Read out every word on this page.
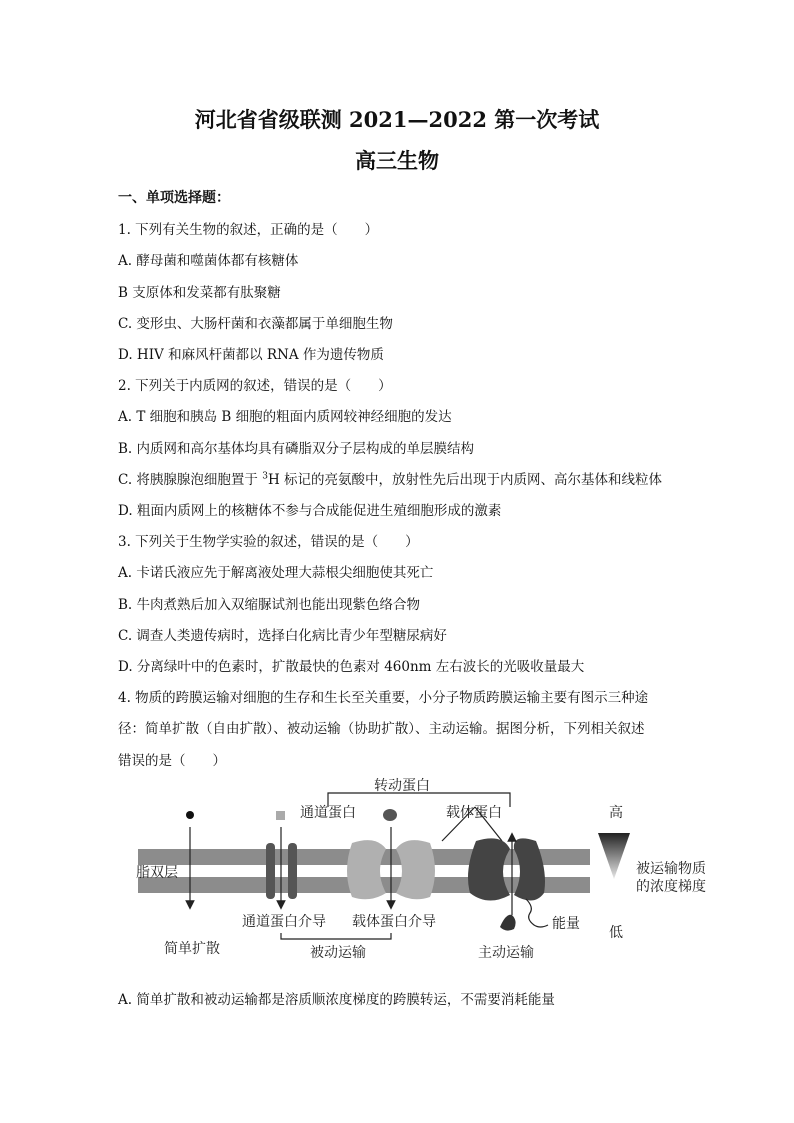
河北省省级联测 2021—2022 第一次考试
高三生物
一、单项选择题：
1. 下列有关生物的叙述，正确的是（　　）
A. 酵母菌和噬菌体都有核糖体
B 支原体和发菜都有肽聚糖
C. 变形虫、大肠杆菌和衣藻都属于单细胞生物
D. HIV 和麻风杆菌都以 RNA 作为遗传物质
2. 下列关于内质网的叙述，错误的是（　　）
A. T 细胞和胰岛 B 细胞的粗面内质网较神经细胞的发达
B. 内质网和高尔基体均具有磷脂双分子层构成的单层膜结构
C. 将胰腺腺泡细胞置于 $^3$H 标记的亮氨酸中，放射性先后出现于内质网、高尔基体和线粒体
D. 粗面内质网上的核糖体不参与合成能促进生殖细胞形成的激素
3. 下列关于生物学实验的叙述，错误的是（　　）
A. 卡诺氏液应先于解离液处理大蒜根尖细胞使其死亡
B. 牛肉煮熟后加入双缩脲试剂也能出现紫色络合物
C. 调查人类遗传病时，选择白化病比青少年型糖尿病好
D. 分离绿叶中的色素时，扩散最快的色素对 460nm 左右波长的光吸收量最大
4. 物质的跨膜运输对细胞的生存和生长至关重要，小分子物质跨膜运输主要有图示三种途
径：简单扩散（自由扩散）、被动运输（协助扩散）、主动运输。据图分析，下列相关叙述
错误的是（　　）
脂双层
转动蛋白
简单扩散
通道蛋白
通道蛋白介导
载体蛋白
载体蛋白介导
被动运输
能量
主动运输
高
被运输物质
的浓度梯度
低
A. 简单扩散和被动运输都是溶质顺浓度梯度的跨膜转运，不需要消耗能量
